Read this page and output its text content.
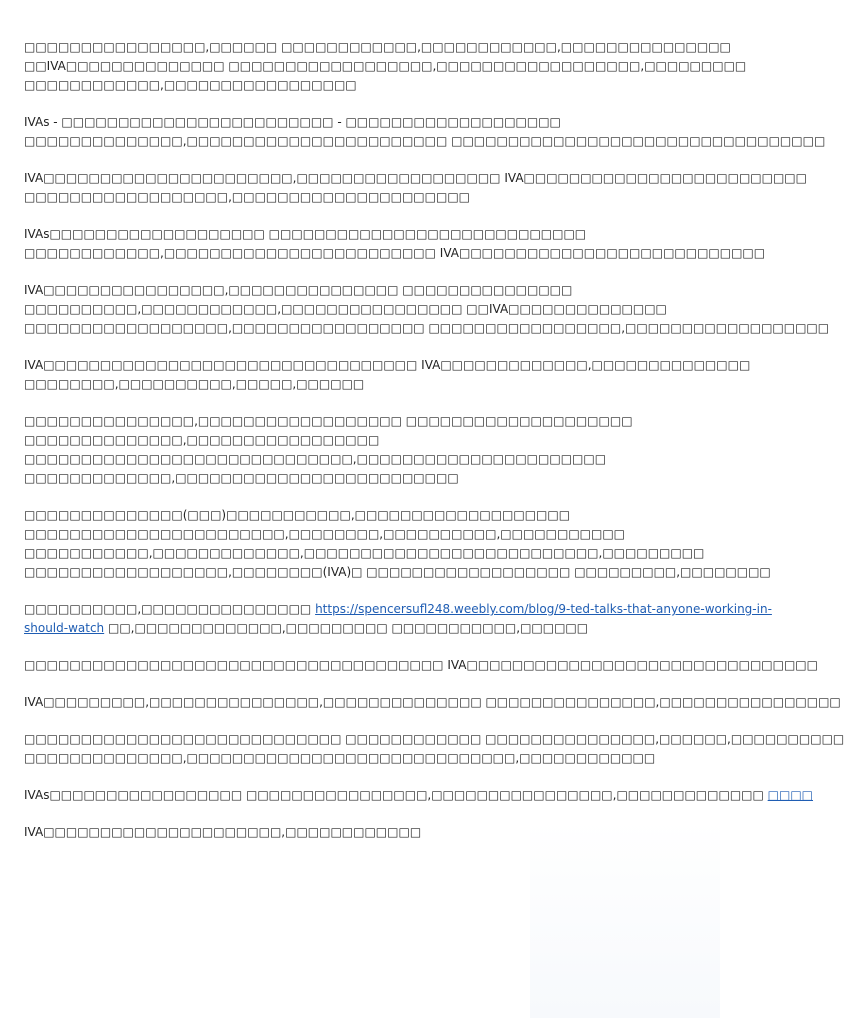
□□□□□□□□□□□□□□□□,□□□□□□ □□□□□□□□□□□□,□□□□□□□□□□□□,□□□□□□□□□□□□□□□
□□IVA□□□□□□□□□□□□□□ □□□□□□□□□□□□□□□□□□,□□□□□□□□□□□□□□□□□□,□□□□□□□□□
□□□□□□□□□□□□,□□□□□□□□□□□□□□□□□

IVAs - □□□□□□□□□□□□□□□□□□□□□□□□ - □□□□□□□□□□□□□□□□□□□
□□□□□□□□□□□□□□,□□□□□□□□□□□□□□□□□□□□□□□ □□□□□□□□□□□□□□□□□□□□□□□□□□□□□□□□□

IVA□□□□□□□□□□□□□□□□□□□□□□,□□□□□□□□□□□□□□□□□□ IVA□□□□□□□□□□□□□□□□□□□□□□□□□
□□□□□□□□□□□□□□□□□□,□□□□□□□□□□□□□□□□□□□□□

IVAs□□□□□□□□□□□□□□□□□□□ □□□□□□□□□□□□□□□□□□□□□□□□□□□□
□□□□□□□□□□□□,□□□□□□□□□□□□□□□□□□□□□□□□ IVA□□□□□□□□□□□□□□□□□□□□□□□□□□□

IVA□□□□□□□□□□□□□□□□,□□□□□□□□□□□□□□□ □□□□□□□□□□□□□□□
□□□□□□□□□□,□□□□□□□□□□□□,□□□□□□□□□□□□□□□□ □□IVA□□□□□□□□□□□□□□
□□□□□□□□□□□□□□□□□□,□□□□□□□□□□□□□□□□□ □□□□□□□□□□□□□□□□□,□□□□□□□□□□□□□□□□□□

IVA□□□□□□□□□□□□□□□□□□□□□□□□□□□□□□□□□ IVA□□□□□□□□□□□□□,□□□□□□□□□□□□□□
□□□□□□□□,□□□□□□□□□□,□□□□□,□□□□□□

□□□□□□□□□□□□□□□,□□□□□□□□□□□□□□□□□□ □□□□□□□□□□□□□□□□□□□□
□□□□□□□□□□□□□□,□□□□□□□□□□□□□□□□□
□□□□□□□□□□□□□□□□□□□□□□□□□□□□□,□□□□□□□□□□□□□□□□□□□□□□
□□□□□□□□□□□□□,□□□□□□□□□□□□□□□□□□□□□□□□□

□□□□□□□□□□□□□□(□□□)□□□□□□□□□□□,□□□□□□□□□□□□□□□□□□□
□□□□□□□□□□□□□□□□□□□□□□□,□□□□□□□□,□□□□□□□□□□,□□□□□□□□□□□
□□□□□□□□□□□,□□□□□□□□□□□□□,□□□□□□□□□□□□□□□□□□□□□□□□□□,□□□□□□□□□
□□□□□□□□□□□□□□□□□□,□□□□□□□□(IVA)□ □□□□□□□□□□□□□□□□□□ □□□□□□□□□,□□□□□□□□

□□□□□□□□□□,□□□□□□□□□□□□□□□ https://spencersufl248.weebly.com/blog/9-ted-talks-that-anyone-working-in-
should-watch □□,□□□□□□□□□□□□□,□□□□□□□□□ □□□□□□□□□□□,□□□□□□

□□□□□□□□□□□□□□□□□□□□□□□□□□□□□□□□□□□□□ IVA□□□□□□□□□□□□□□□□□□□□□□□□□□□□□□□

IVA□□□□□□□□□,□□□□□□□□□□□□□□□,□□□□□□□□□□□□□□ □□□□□□□□□□□□□□□,□□□□□□□□□□□□□□□□

□□□□□□□□□□□□□□□□□□□□□□□□□□□□ □□□□□□□□□□□□ □□□□□□□□□□□□□□□,□□□□□□,□□□□□□□□□□
□□□□□□□□□□□□□□,□□□□□□□□□□□□□□□□□□□□□□□□□□□□□,□□□□□□□□□□□□

IVAs□□□□□□□□□□□□□□□□□ □□□□□□□□□□□□□□□□,□□□□□□□□□□□□□□□□,□□□□□□□□□□□□□ □□□□

IVA□□□□□□□□□□□□□□□□□□□□□,□□□□□□□□□□□□
